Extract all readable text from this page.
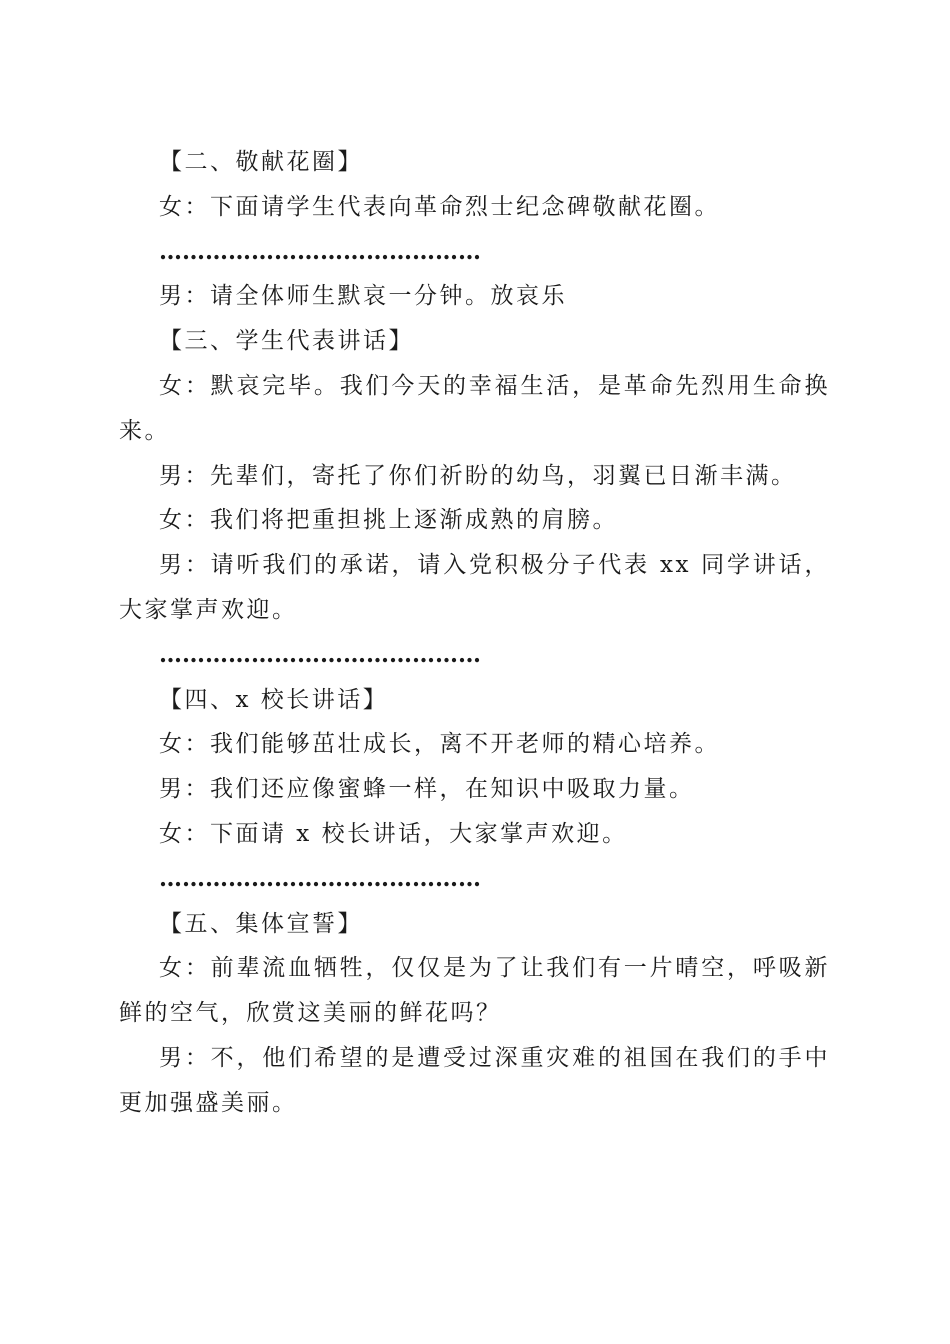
【二、敬献花圈】

女：下面请学生代表向革命烈士纪念碑敬献花圈。

……………………………………

男：请全体师生默哀一分钟。放哀乐

【三、学生代表讲话】

女：默哀完毕。我们今天的幸福生活，是革命先烈用生命换来。

男：先辈们，寄托了你们祈盼的幼鸟，羽翼已日渐丰满。

女：我们将把重担挑上逐渐成熟的肩膀。

男：请听我们的承诺，请入党积极分子代表 xx 同学讲话，大家掌声欢迎。

……………………………………

【四、x 校长讲话】

女：我们能够茁壮成长，离不开老师的精心培养。

男：我们还应像蜜蜂一样，在知识中吸取力量。

女：下面请 x 校长讲话，大家掌声欢迎。

……………………………………

【五、集体宣誓】

女：前辈流血牺牲，仅仅是为了让我们有一片晴空，呼吸新鲜的空气，欣赏这美丽的鲜花吗？

男：不，他们希望的是遭受过深重灾难的祖国在我们的手中更加强盛美丽。
